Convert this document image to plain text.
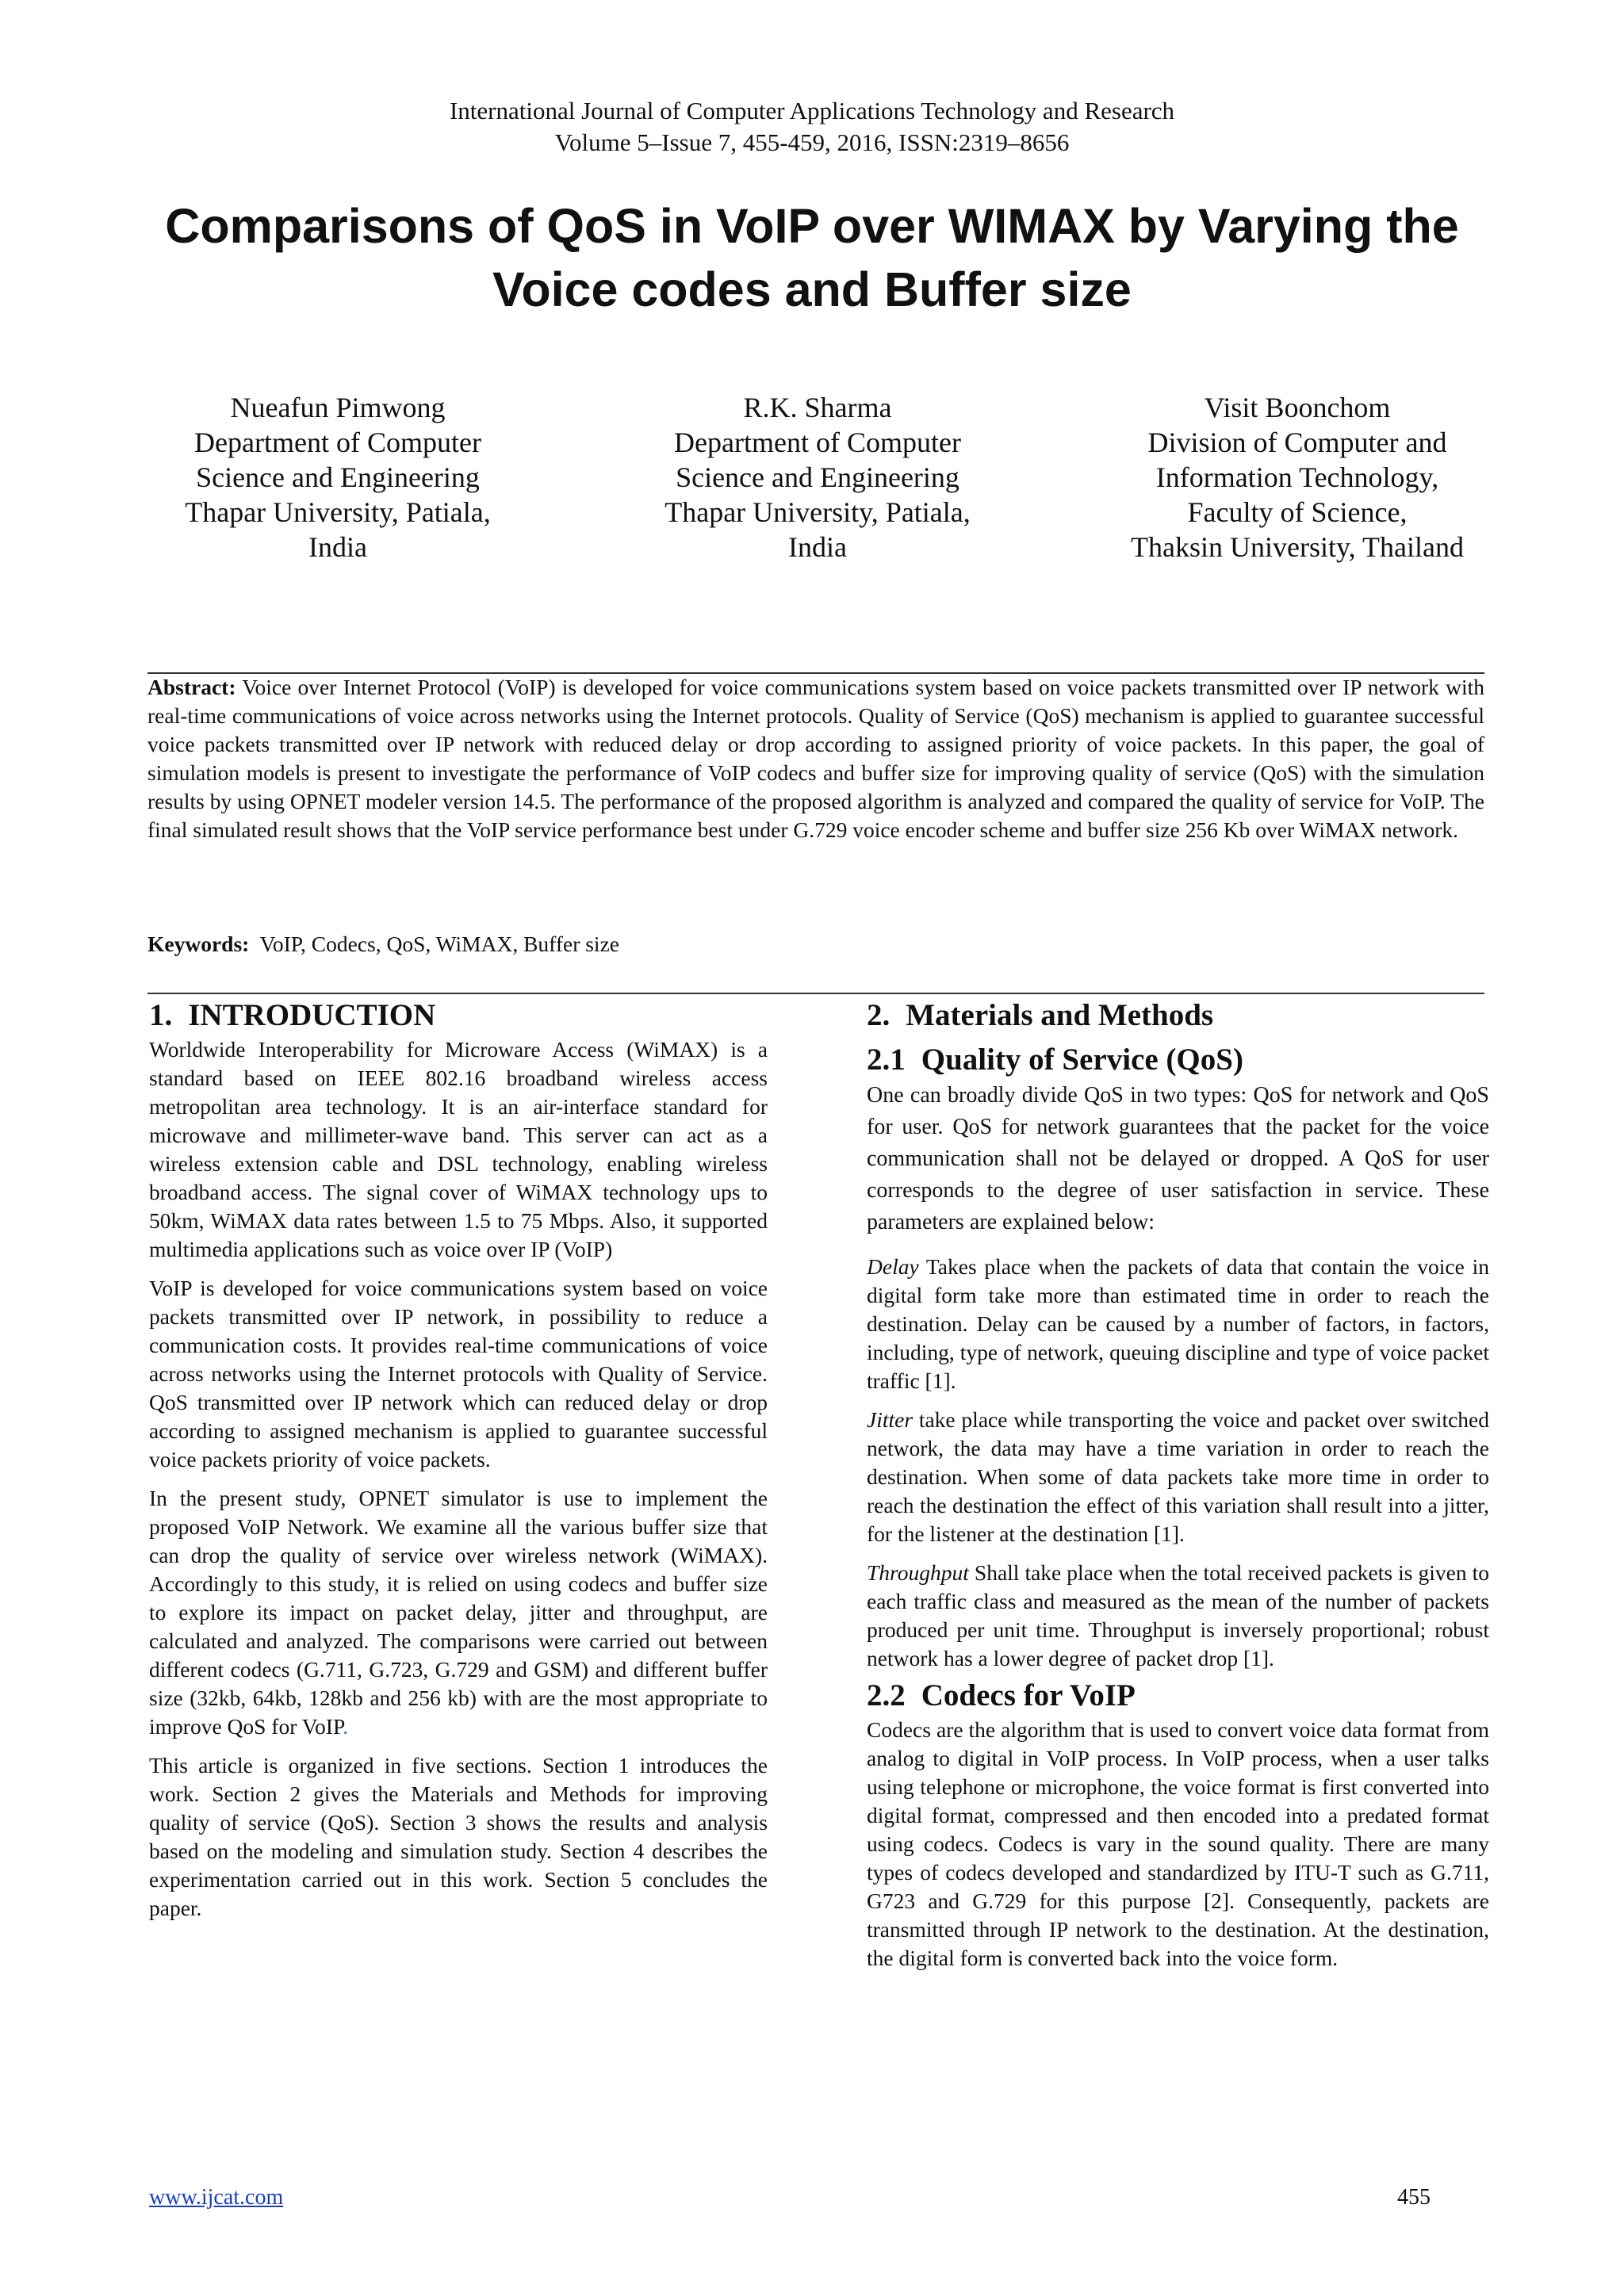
International Journal of Computer Applications Technology and Research
Volume 5–Issue 7, 455-459, 2016, ISSN:2319–8656
Comparisons of QoS in VoIP over WIMAX by Varying the
Voice codes and Buffer size
Nueafun Pimwong
Department of Computer
Science and Engineering
Thapar University, Patiala,
India
R.K. Sharma
Department of Computer
Science and Engineering
Thapar University, Patiala,
India
Visit Boonchom
Division of Computer and
Information Technology,
Faculty of Science,
Thaksin University, Thailand

Abstract: Voice over Internet Protocol (VoIP) is developed for voice communications system based on voice packets transmitted over IP network with real-time communications of voice across networks using the Internet protocols. Quality of Service (QoS) mechanism is applied to guarantee successful voice packets transmitted over IP network with reduced delay or drop according to assigned priority of voice packets. In this paper, the goal of simulation models is present to investigate the performance of VoIP codecs and buffer size for improving quality of service (QoS) with the simulation results by using OPNET modeler version 14.5. The performance of the proposed algorithm is analyzed and compared the quality of service for VoIP. The final simulated result shows that the VoIP service performance best under G.729 voice encoder scheme and buffer size 256 Kb over WiMAX network.

Keywords:  VoIP, Codecs, QoS, WiMAX, Buffer size
1. INTRODUCTION

Worldwide Interoperability for Microware Access (WiMAX) is a standard based on IEEE 802.16 broadband wireless access metropolitan area technology. It is an air-interface standard for microwave and millimeter-wave band. This server can act as a wireless extension cable and DSL technology, enabling wireless broadband access. The signal cover of WiMAX technology ups to 50km, WiMAX data rates between 1.5 to 75 Mbps. Also, it supported multimedia applications such as voice over IP (VoIP)

VoIP is developed for voice communications system based on voice packets transmitted over IP network, in possibility to reduce a communication costs. It provides real-time communications of voice across networks using the Internet protocols with Quality of Service. QoS transmitted over IP network which can reduced delay or drop according to assigned mechanism is applied to guarantee successful voice packets priority of voice packets.

In the present study, OPNET simulator is use to implement the proposed VoIP Network. We examine all the various buffer size that can drop the quality of service over wireless network (WiMAX). Accordingly to this study, it is relied on using codecs and buffer size to explore its impact on packet delay, jitter and throughput, are calculated and analyzed. The comparisons were carried out between different codecs (G.711, G.723, G.729 and GSM) and different buffer size (32kb, 64kb, 128kb and 256 kb) with are the most appropriate to improve QoS for VoIP.

This article is organized in five sections. Section 1 introduces the work. Section 2 gives the Materials and Methods for improving quality of service (QoS). Section 3 shows the results and analysis based on the modeling and simulation study. Section 4 describes the experimentation carried out in this work. Section 5 concludes the paper.

2. Materials and Methods
2.1 Quality of Service (QoS)

One can broadly divide QoS in two types: QoS for network and QoS for user. QoS for network guarantees that the packet for the voice communication shall not be delayed or dropped. A QoS for user corresponds to the degree of user satisfaction in service. These parameters are explained below:

Delay Takes place when the packets of data that contain the voice in digital form take more than estimated time in order to reach the destination. Delay can be caused by a number of factors, in factors, including, type of network, queuing discipline and type of voice packet traffic [1].

Jitter take place while transporting the voice and packet over switched network, the data may have a time variation in order to reach the destination. When some of data packets take more time in order to reach the destination the effect of this variation shall result into a jitter, for the listener at the destination [1].

Throughput Shall take place when the total received packets is given to each traffic class and measured as the mean of the number of packets produced per unit time. Throughput is inversely proportional; robust network has a lower degree of packet drop [1].

2.2 Codecs for VoIP

Codecs are the algorithm that is used to convert voice data format from analog to digital in VoIP process. In VoIP process, when a user talks using telephone or microphone, the voice format is first converted into digital format, compressed and then encoded into a predated format using codecs. Codecs is vary in the sound quality. There are many types of codecs developed and standardized by ITU-T such as G.711, G723 and G.729 for this purpose [2]. Consequently, packets are transmitted through IP network to the destination. At the destination, the digital form is converted back into the voice form.

www.ijcat.com	455
